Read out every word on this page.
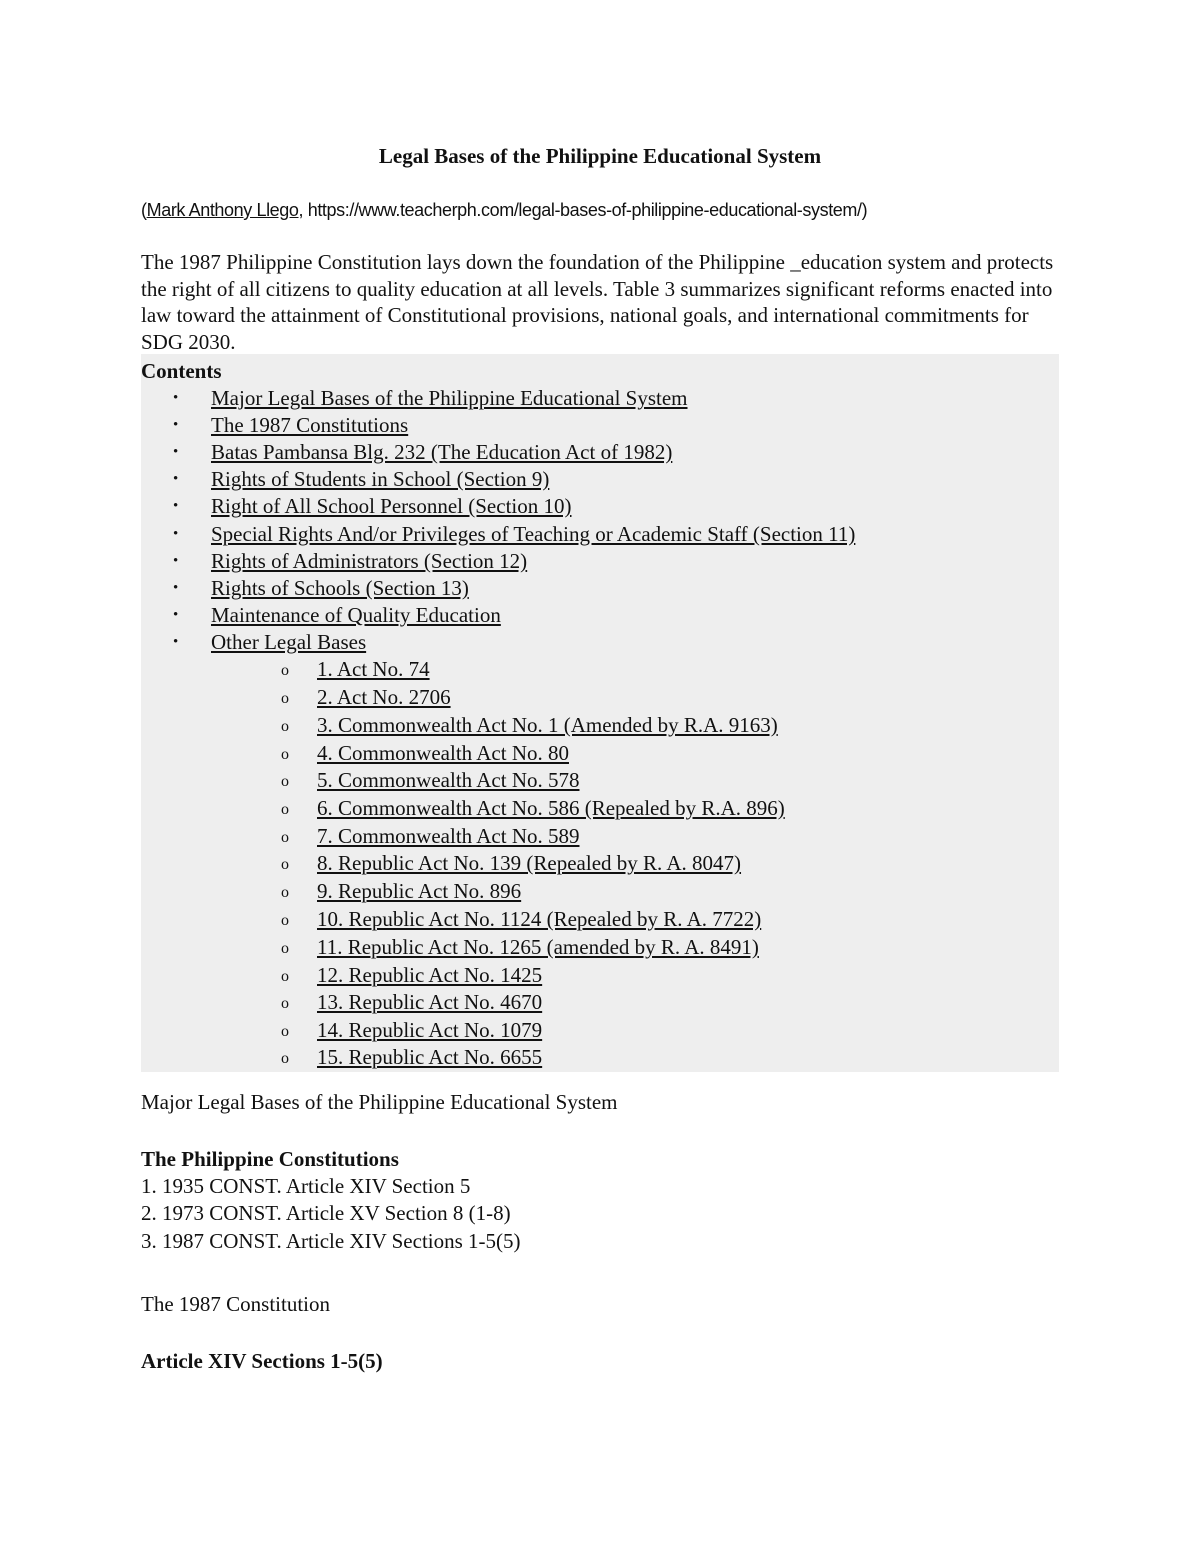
Legal Bases of the Philippine Educational System
(Mark Anthony Llego, https://www.teacherph.com/legal-bases-of-philippine-educational-system/)

The 1987 Philippine Constitution lays down the foundation of the Philippine _education system and protects the right of all citizens to quality education at all levels. Table 3 summarizes significant reforms enacted into law toward the attainment of Constitutional provisions, national goals, and international commitments for SDG 2030.

Contents
• Major Legal Bases of the Philippine Educational System
• The 1987 Constitutions
• Batas Pambansa Blg. 232 (The Education Act of 1982)
• Rights of Students in School (Section 9)
• Right of All School Personnel (Section 10)
• Special Rights And/or Privileges of Teaching or Academic Staff (Section 11)
• Rights of Administrators (Section 12)
• Rights of Schools (Section 13)
• Maintenance of Quality Education
• Other Legal Bases
o 1. Act No. 74
o 2. Act No. 2706
o 3. Commonwealth Act No. 1 (Amended by R.A. 9163)
o 4. Commonwealth Act No. 80
o 5. Commonwealth Act No. 578
o 6. Commonwealth Act No. 586 (Repealed by R.A. 896)
o 7. Commonwealth Act No. 589
o 8. Republic Act No. 139 (Repealed by R. A. 8047)
o 9. Republic Act No. 896
o 10. Republic Act No. 1124 (Repealed by R. A. 7722)
o 11. Republic Act No. 1265 (amended by R. A. 8491)
o 12. Republic Act No. 1425
o 13. Republic Act No. 4670
o 14. Republic Act No. 1079
o 15. Republic Act No. 6655
Major Legal Bases of the Philippine Educational System
The Philippine Constitutions
1. 1935 CONST. Article XIV Section 5
2. 1973 CONST. Article XV Section 8 (1-8)
3. 1987 CONST. Article XIV Sections 1-5(5)
The 1987 Constitution
Article XIV Sections 1-5(5)
